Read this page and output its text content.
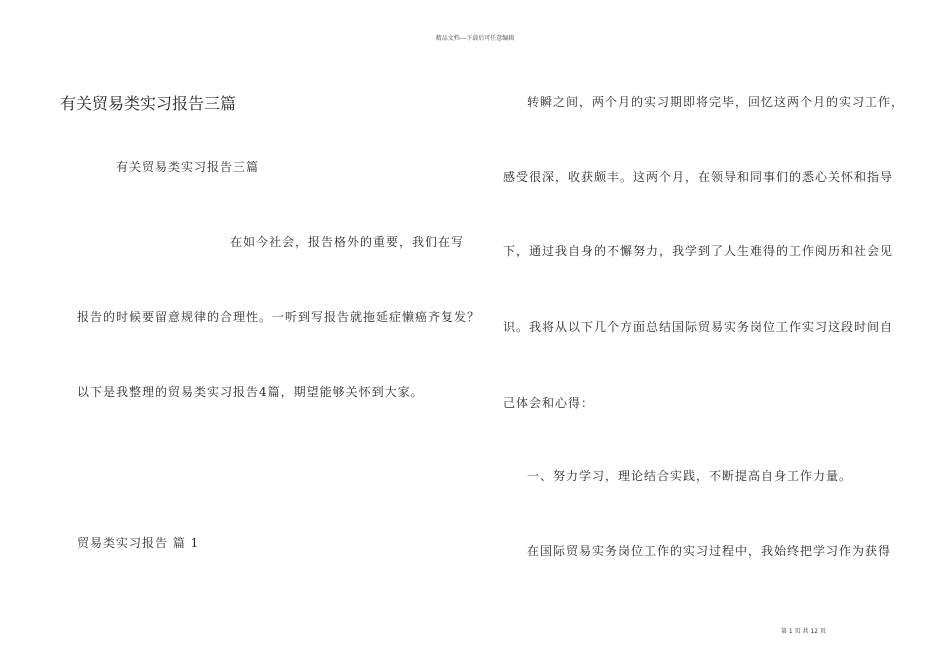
精品文档---下载后可任意编辑
有关贸易类实习报告三篇
有关贸易类实习报告三篇
在如今社会，报告格外的重要，我们在写
报告的时候要留意规律的合理性。一听到写报告就拖延症懒癌齐复发？
以下是我整理的贸易类实习报告4篇，期望能够关怀到大家。
贸易类实习报告 篇 1
转瞬之间，两个月的实习期即将完毕，回忆这两个月的实习工作，
感受很深，收获颇丰。这两个月，在领导和同事们的悉心关怀和指导
下，通过我自身的不懈努力，我学到了人生难得的工作阅历和社会见
识。我将从以下几个方面总结国际贸易实务岗位工作实习这段时间自
己体会和心得：
一、努力学习，理论结合实践，不断提高自身工作力量。
在国际贸易实务岗位工作的实习过程中，我始终把学习作为获得
第 1 页 共 12 页
